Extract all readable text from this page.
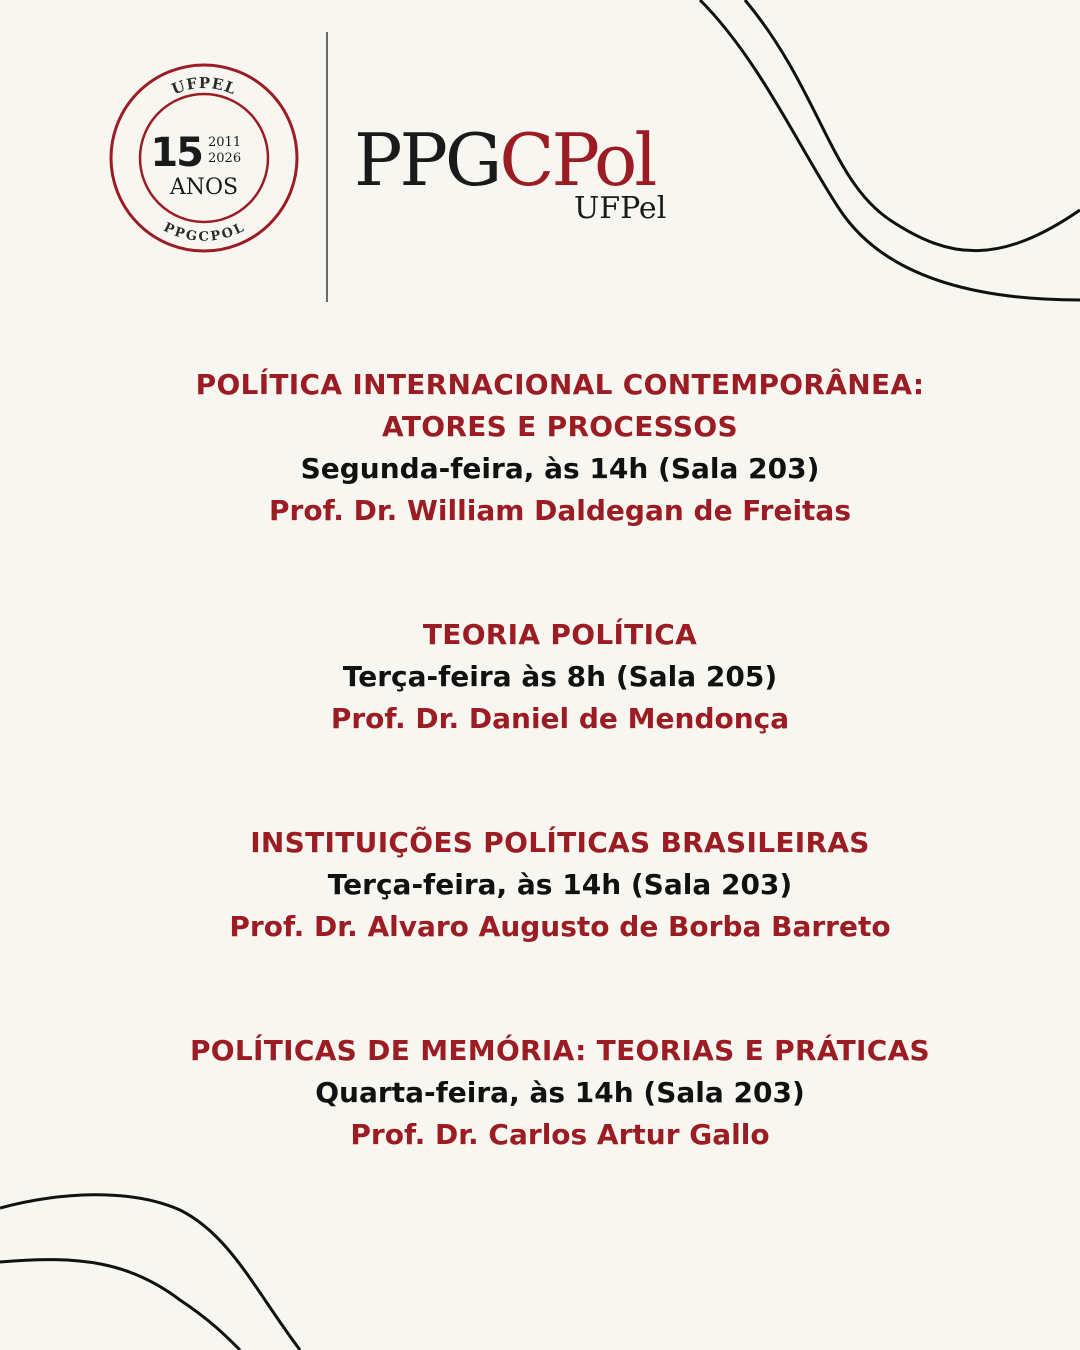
UFPEL
PPGCPOL
15 2011
2026
ANOS PPGCPol
UFPel

POLÍTICA INTERNACIONAL CONTEMPORÂNEA:

ATORES E PROCESSOS

Segunda-feira, às 14h (Sala 203)

Prof. Dr. William Daldegan de Freitas

TEORIA POLÍTICA

Terça-feira às 8h (Sala 205)

Prof. Dr. Daniel de Mendonça

INSTITUIÇÕES POLÍTICAS BRASILEIRAS

Terça-feira, às 14h (Sala 203)

Prof. Dr. Alvaro Augusto de Borba Barreto

POLÍTICAS DE MEMÓRIA: TEORIAS E PRÁTICAS

Quarta-feira, às 14h (Sala 203)

Prof. Dr. Carlos Artur Gallo
